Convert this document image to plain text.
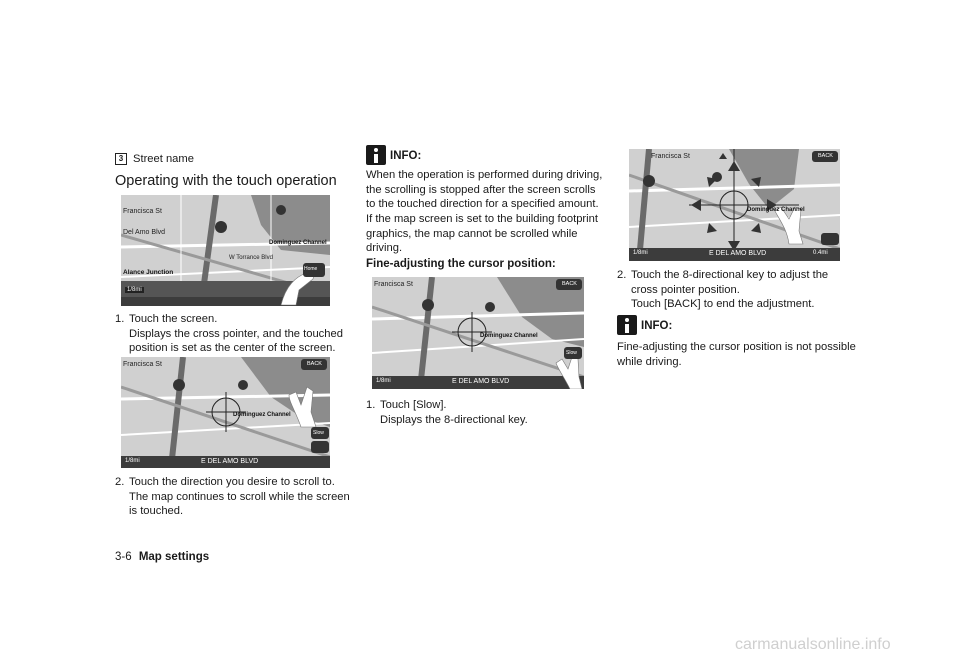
3 Street name
Operating with the touch operation
Francisca St
Del Amo Blvd
W Torrance Blvd
Dominguez Channel
Alance Junction
1/8mi
Home
1. Touch the screen.
Displays the cross pointer, and the touched
position is set as the center of the screen.
Francisca St
Dominguez Channel
BACK
Slow
1/8mi	E DEL AMO BLVD
2. Touch the direction you desire to scroll to.
The map continues to scroll while the screen
is touched.
INFO:
When the operation is performed during driving,
the scrolling is stopped after the screen scrolls
to the touched direction for a specified amount.
If the map screen is set to the building footprint
graphics, the map cannot be scrolled while
driving.
Fine-adjusting the cursor position:
Francisca St
Dominguez Channel
BACK
Slow
1/8mi	E DEL AMO BLVD
1. Touch [Slow].
Displays the 8-directional key.
Francisca St
Dominguez Channel
BACK
1/8mi	E DEL AMO BLVD	0.4mi
2. Touch the 8-directional key to adjust the
cross pointer position.
Touch [BACK] to end the adjustment.
INFO:
Fine-adjusting the cursor position is not possible
while driving.
3-6 Map settings
carmanualsonline.info
